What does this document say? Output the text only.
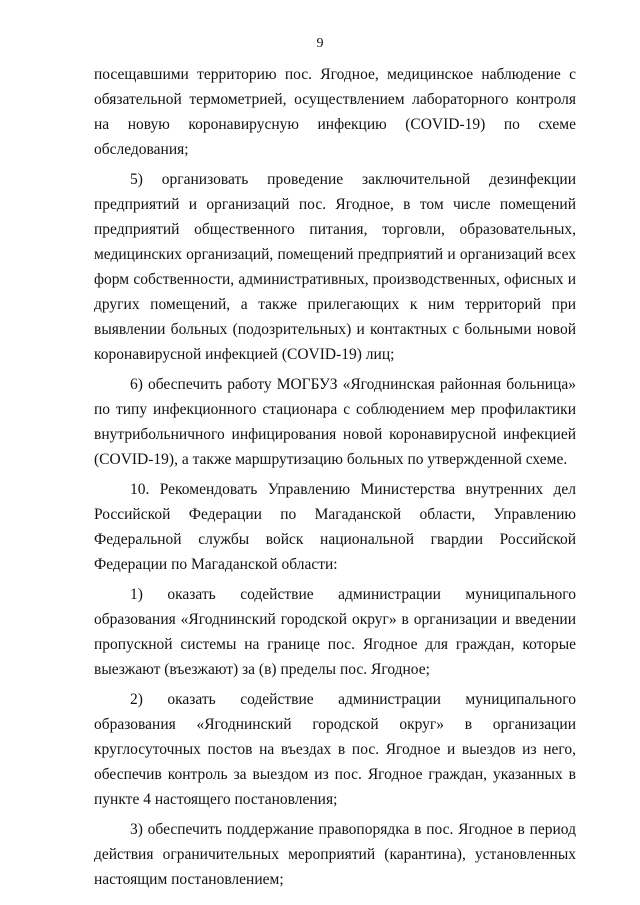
9

посещавшими территорию пос. Ягодное, медицинское наблюдение с обязательной термометрией, осуществлением лабораторного контроля на новую коронавирусную инфекцию (COVID-19) по схеме обследования;

5) организовать проведение заключительной дезинфекции предприятий и организаций пос. Ягодное, в том числе помещений предприятий общественного питания, торговли, образовательных, медицинских организаций, помещений предприятий и организаций всех форм собственности, административных, производственных, офисных и других помещений, а также прилегающих к ним территорий при выявлении больных (подозрительных) и контактных с больными новой коронавирусной инфекцией (COVID-19) лиц;

6) обеспечить работу МОГБУЗ «Ягоднинская районная больница» по типу инфекционного стационара с соблюдением мер профилактики внутрибольничного инфицирования новой коронавирусной инфекцией (COVID-19), а также маршрутизацию больных по утвержденной схеме.

10. Рекомендовать Управлению Министерства внутренних дел Российской Федерации по Магаданской области, Управлению Федеральной службы войск национальной гвардии Российской Федерации по Магаданской области:

1) оказать содействие администрации муниципального образования «Ягоднинский городской округ» в организации и введении пропускной системы на границе пос. Ягодное для граждан, которые выезжают (въезжают) за (в) пределы пос. Ягодное;

2) оказать содействие администрации муниципального образования «Ягоднинский городской округ» в организации круглосуточных постов на въездах в пос. Ягодное и выездов из него, обеспечив контроль за выездом из пос. Ягодное граждан, указанных в пункте 4 настоящего постановления;

3) обеспечить поддержание правопорядка в пос. Ягодное в период действия ограничительных мероприятий (карантина), установленных настоящим постановлением;
